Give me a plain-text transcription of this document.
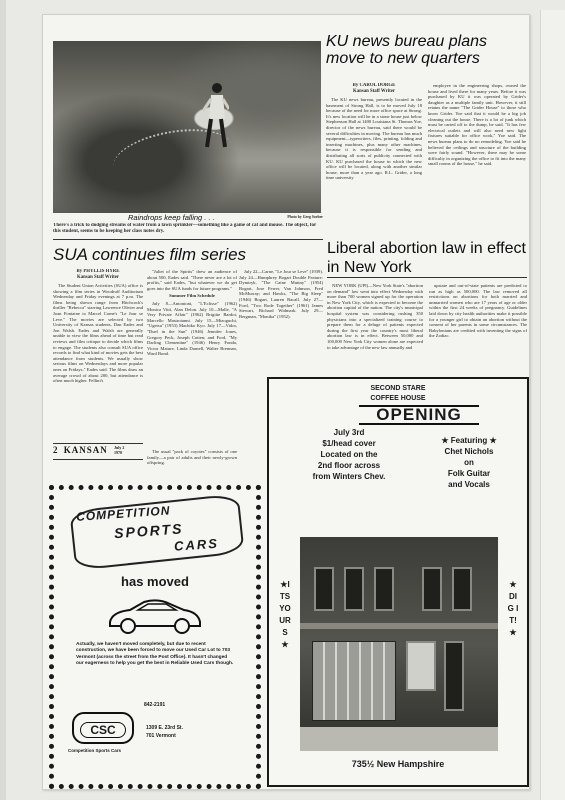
Photo by Greg Sorber
Raindrops keep falling . . .
There's a trick to dodging streams of water from a lawn sprinkler—something like a game of cat and mouse. The object, for this student, seems to be keeping her class notes dry.
KU news bureau plans move to new quarters
By CAROL DORGE
Kansan Staff Writer

The KU news bureau, presently located in the basement of Strong Hall, is to be moved July 18 because of the need for more office space at Strong. It's new location will be in a stone house just below Stephenson Hall at 1400 Louisiana St. Thomas Yoe, director of the news bureau, said there would be several difficulties in moving. The bureau has much equipment—typewriters, files, printing, folding and inserting machines, plus many other machines, because it is responsible for sending and distributing all sorts of publicity connected with KU. KU purchased the house in which the new office will be located, along with another similar house, more than a year ago. R.L. Grider, a long time university

employee in the engineering shops, owned the house and lived there for many years. Before it was purchased by KU it was operated by Grider's daughter as a multiple family unit. However, it still retains the name "The Grider House" to those who know Grider. Yoe said that it would be a big job cleaning out the house. There is a lot of junk which must be carted off to the dump, he said. "It has few electrical outlets and will also need new light fixtures suitable for office work," Yoe said. The news bureau plans to do no remodeling. Yoe said he believed the ceilings and structure of the building were fairly sound. "However, there may be some difficulty in organizing the office to fit into the many small rooms of the house," he said.

SUA continues film series
By PHYLLIS HYRE
Kansan Staff Writer

The Student Union Activities (SUA) office is showing a film series in Woodruff Auditorium Wednesday and Friday evenings at 7 p.m. The films being shown range from Hitchcock's thriller "Rebecca" starring Lawrence Olivier and Joan Fontaine to Marcel Carne's "Le Jour se Leve." The movies are selected by two University of Kansas students, Dan Eades and Jon Walsh. Eades and Walsh are generally unable to view the films ahead of time but read reviews and film critique to decide which films to engage. The students also consult SUA office records to find what kind of movies gets the best attendance from students. We usually show serious films on Wednesdays and more popular ones on Fridays," Eades said. The films draw an average crowd of about 200, but attendance is often much higher. Fellini's

"Juliet of the Spirits" drew an audience of about 500, Eades said. "There never are a lot of profits," said Eades, "but whatever we do get goes into the SUA funds for future programs."

Summer Film Schedule

July 8—Antonioni, "L'Eclisse" (1962) Monica Vitti, Alan Delon. July 10—Malle, "A Very Private Affair" (1962) Brigitte Bardot, Marcello Mastroianni. July 15—Mizoguchi, "Ugetsu" (1953) Machiko Kyo. July 17—Vidor, "Duel in the Sun" (1946) Jennifer Jones, Gregory Peck, Joseph Cotten; and Ford, "My Darling Clementine" (1946) Henry Fonda, Victor Mature, Linda Darnell, Walter Brennan, Ward Bond.

The usual "pack of coyotes" consists of one family—a pair of adults and their newly-grown offspring.

July 22—Carne, "Le Jour se Leve" (1939). July 24—Humphrey Bogart Double Feature: Dymtryk, "The Caine Mutiny" (1954) Bogart, Jose Ferrer, Van Johnson, Fred McMurray; and Hawks, "The Big Sleep" (1946) Bogart, Lauren Bacall. July 27—Ford, "Two Rode Together" (1961) James Stewart, Richard Widmark. July 29—Bergman, "Monika" (1952).

2 KANSAN July 2 1970
Liberal abortion law in effect in New York

NEW YORK (UPI)—New York State's "abortion on demand" law went into effect Wednesday with more than 700 women signed up for the operation in New York City, which is expected to become the abortion capital of the nation. The city's municipal hospital system was considering rushing 350 physicians into a specialized training course to prepare them for a deluge of patients expected during the first year the country's most liberal abortion law is in effect. Between 50,000 and 100,000 New York City women alone are expected to take advantage of the new law annually and

upstate and out-of-state patients are predicted to run as high as 500,000. The law removed all restrictions on abortions for both married and unmarried women who are 17 years of age or older within the first 24 weeks of pregnancy. Guidelines laid down by city health authorities make it possible for a younger girl to obtain an abortion without the consent of her parents in some circumstances. The Babylonians are credited with inventing the signs of the Zodiac.

COMPETITION
SPORTS
CARS
has moved
Actually, we haven't moved completely, but due to recent construction, we have been forced to move our Used Car Lot to 703 Vermont (across the street from the Post Office). It hasn't changed our eagerness to help you get the best in Reliable Used Cars though.
842-2191
CSC	1309 E. 23rd St.
701 Vermont
Competition Sports Cars
SECOND STARE
COFFEE HOUSE
OPENING
July 3rd
$1/head cover
Located on the
2nd floor across
from Winters Chev.
★ Featuring ★
Chet Nichols
on
Folk Guitar
and Vocals
★ITS YOURS★
★DIG IT!★
735½ New Hampshire
